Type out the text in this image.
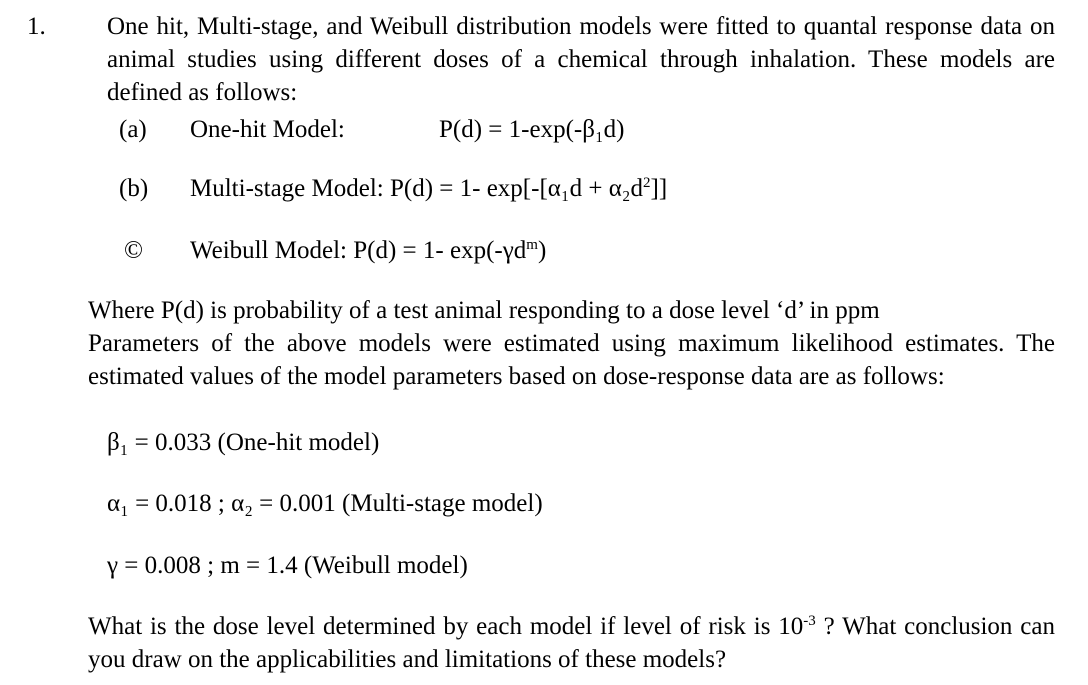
1. One hit, Multi-stage, and Weibull distribution models were fitted to quantal response data on animal studies using different doses of a chemical through inhalation. These models are defined as follows:
(a) One-hit Model:	P(d) = 1-exp(-β₁d)
(b) Multi-stage Model: P(d) = 1- $\exp[-[\alpha_1d + \alpha_2d^2]]$
© Weibull Model: P(d) = 1- $\exp(-\gamma d^m)$
Where P(d) is probability of a test animal responding to a dose level ‘d’ in ppm
Parameters of the above models were estimated using maximum likelihood estimates. The estimated values of the model parameters based on dose-response data are as follows:
β₁ = 0.033 (One-hit model)
α₁ = 0.018 ; α₂ = 0.001 (Multi-stage model)
γ = 0.008 ; m = 1.4 (Weibull model)
What is the dose level determined by each model if level of risk is $10^{-3}$ ? What conclusion can you draw on the applicabilities and limitations of these models?
